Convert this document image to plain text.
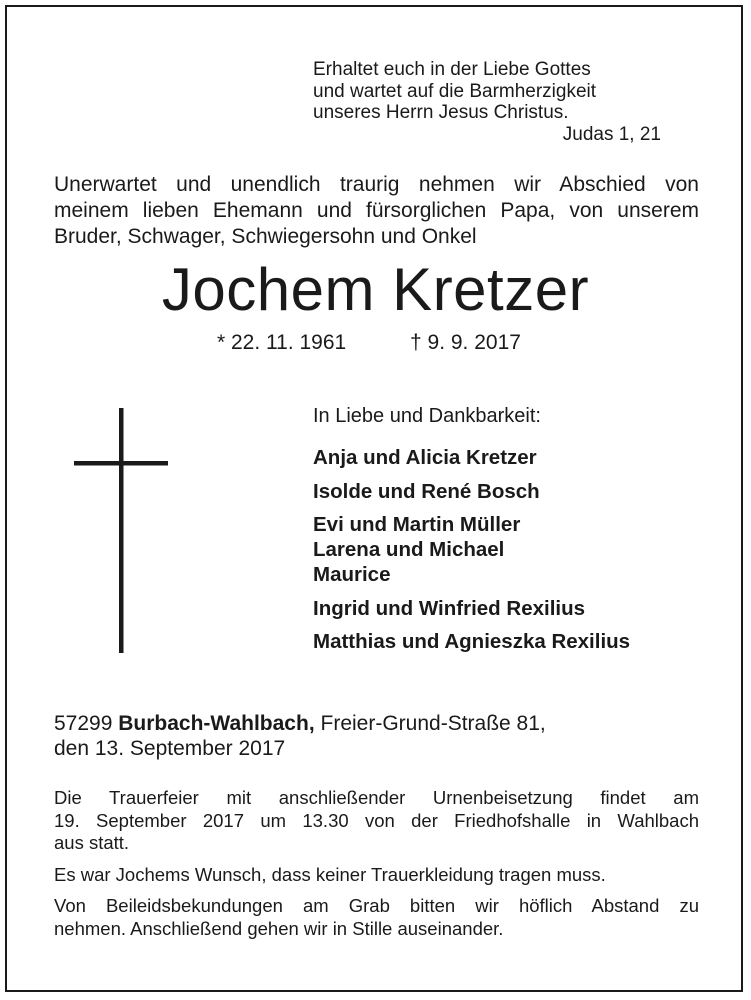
Erhaltet euch in der Liebe Gottes
und wartet auf die Barmherzigkeit
unseres Herrn Jesus Christus.
Judas 1, 21
Unerwartet und unendlich traurig nehmen wir Abschied von
meinem lieben Ehemann und fürsorglichen Papa, von unserem
Bruder, Schwager, Schwiegersohn und Onkel
Jochem Kretzer
* 22. 11. 1961	† 9. 9. 2017
In Liebe und Dankbarkeit:
Anja und Alicia Kretzer
Isolde und René Bosch
Evi und Martin Müller
Larena und Michael
Maurice
Ingrid und Winfried Rexilius
Matthias und Agnieszka Rexilius
57299 Burbach-Wahlbach, Freier-Grund-Straße 81,
den 13. September 2017
Die Trauerfeier mit anschließender Urnenbeisetzung findet am
19. September 2017 um 13.30 von der Friedhofshalle in Wahlbach
aus statt.
Es war Jochems Wunsch, dass keiner Trauerkleidung tragen muss.
Von Beileidsbekundungen am Grab bitten wir höflich Abstand zu
nehmen. Anschließend gehen wir in Stille auseinander.
